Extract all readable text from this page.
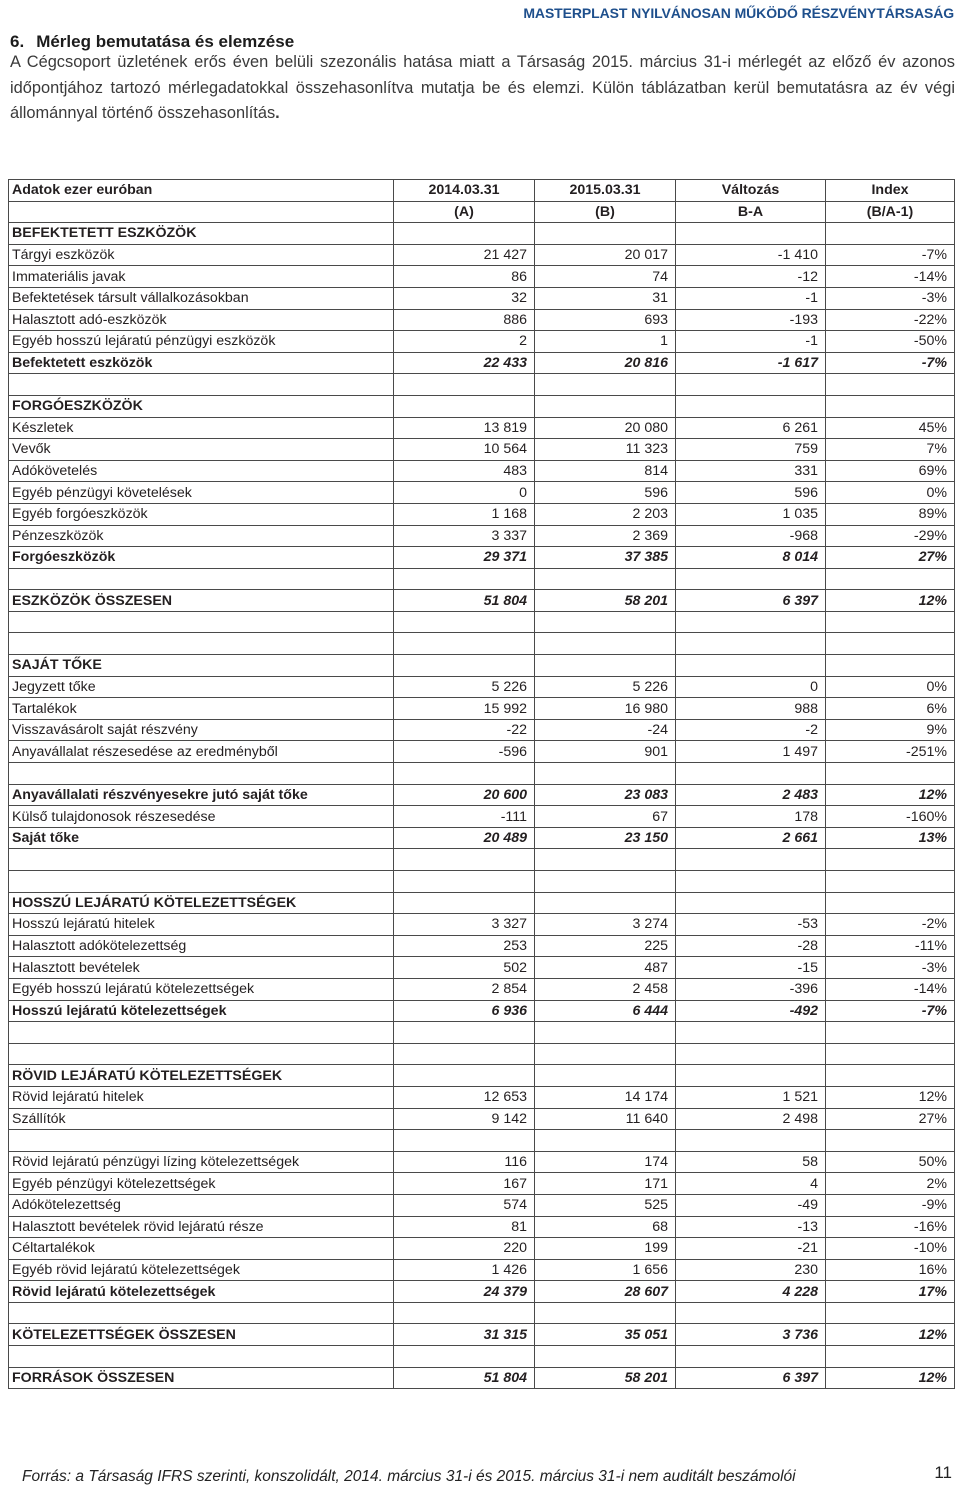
MASTERPLAST NYILVÁNOSAN MŰKÖDŐ RÉSZVÉNYTÁRSASÁG
6. Mérleg bemutatása és elemzése
A Cégcsoport üzletének erős éven belüli szezonális hatása miatt a Társaság 2015. március 31-i mérlegét az előző év azonos időpontjához tartozó mérlegadatokkal összehasonlítva mutatja be és elemzi. Külön táblázatban kerül bemutatásra az év végi állománnyal történő összehasonlítás.
Adatok ezer euróban	2014.03.31	2015.03.31	Változás	Index
	(A)	(B)	B-A	(B/A-1)
BEFEKTETETT ESZKÖZÖK				
Tárgyi eszközök	21 427	20 017	-1 410	-7%
Immateriális javak	86	74	-12	-14%
Befektetések társult vállalkozásokban	32	31	-1	-3%
Halasztott adó-eszközök	886	693	-193	-22%
Egyéb hosszú lejáratú pénzügyi eszközök	2	1	-1	-50%
Befektetett eszközök	22 433	20 816	-1 617	-7%

FORGÓESZKÖZÖK				
Készletek	13 819	20 080	6 261	45%
Vevők	10 564	11 323	759	7%
Adókövetelés	483	814	331	69%
Egyéb pénzügyi követelések	0	596	596	0%
Egyéb forgóeszközök	1 168	2 203	1 035	89%
Pénzeszközök	3 337	2 369	-968	-29%
Forgóeszközök	29 371	37 385	8 014	27%

ESZKÖZÖK ÖSSZESEN	51 804	58 201	6 397	12%

SAJÁT TŐKE				
Jegyzett tőke	5 226	5 226	0	0%
Tartalékok	15 992	16 980	988	6%
Visszavásárolt saját részvény	-22	-24	-2	9%
Anyavállalat részesedése az eredményből	-596	901	1 497	-251%

Anyavállalati részvényesekre jutó saját tőke	20 600	23 083	2 483	12%
Külső tulajdonosok részesedése	-111	67	178	-160%
Saját tőke	20 489	23 150	2 661	13%

HOSSZÚ LEJÁRATÚ KÖTELEZETTSÉGEK				
Hosszú lejáratú hitelek	3 327	3 274	-53	-2%
Halasztott adókötelezettség	253	225	-28	-11%
Halasztott bevételek	502	487	-15	-3%
Egyéb hosszú lejáratú kötelezettségek	2 854	2 458	-396	-14%
Hosszú lejáratú kötelezettségek	6 936	6 444	-492	-7%

RÖVID LEJÁRATÚ KÖTELEZETTSÉGEK				
Rövid lejáratú hitelek	12 653	14 174	1 521	12%
Szállítók	9 142	11 640	2 498	27%

Rövid lejáratú pénzügyi lízing kötelezettségek	116	174	58	50%
Egyéb pénzügyi kötelezettségek	167	171	4	2%
Adókötelezettség	574	525	-49	-9%
Halasztott bevételek rövid lejáratú része	81	68	-13	-16%
Céltartalékok	220	199	-21	-10%
Egyéb rövid lejáratú kötelezettségek	1 426	1 656	230	16%
Rövid lejáratú kötelezettségek	24 379	28 607	4 228	17%

KÖTELEZETTSÉGEK ÖSSZESEN	31 315	35 051	3 736	12%

FORRÁSOK ÖSSZESEN	51 804	58 201	6 397	12%
Forrás: a Társaság IFRS szerinti, konszolidált, 2014. március 31-i és 2015. március 31-i nem auditált beszámolói	11
